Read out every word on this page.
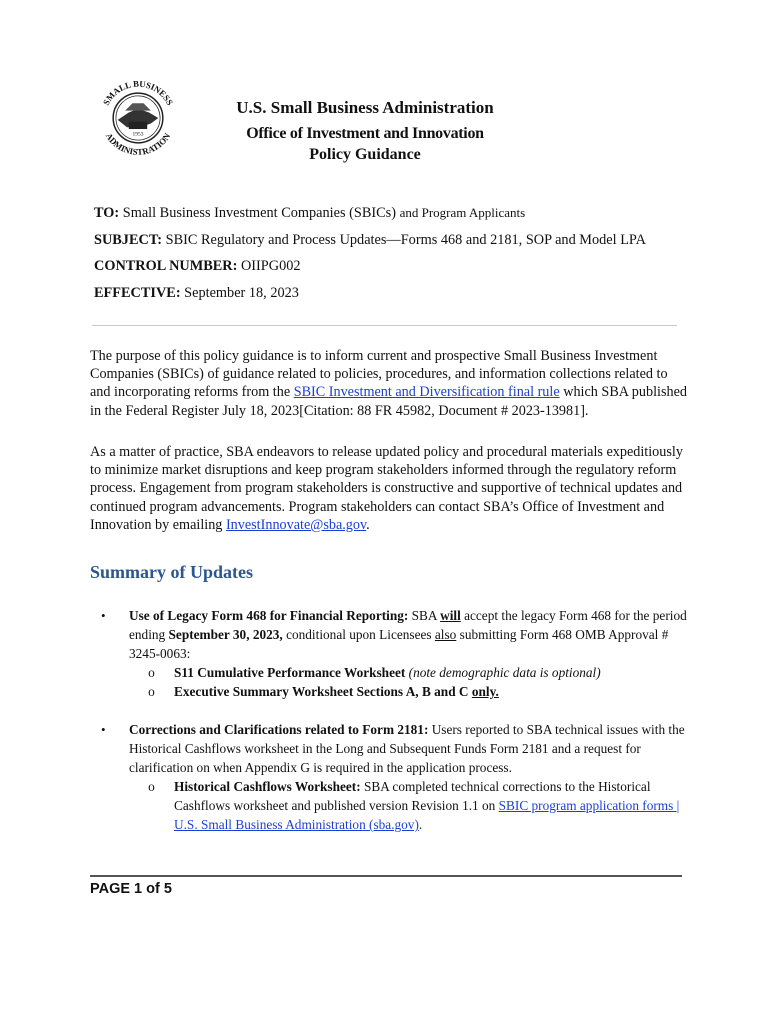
1953
SMALL BUSINESS
ADMINISTRATION
U.S. Small Business Administration
Office of Investment and Innovation
Policy Guidance
TO: Small Business Investment Companies (SBICs) and Program Applicants
SUBJECT: SBIC Regulatory and Process Updates—Forms 468 and 2181, SOP and Model LPA
CONTROL NUMBER: OIIPG002
EFFECTIVE: September 18, 2023

The purpose of this policy guidance is to inform current and prospective Small Business Investment Companies (SBICs) of guidance related to policies, procedures, and information collections related to and incorporating reforms from the SBIC Investment and Diversification final rule which SBA published in the Federal Register July 18, 2023[Citation: 88 FR 45982, Document # 2023-13981].

As a matter of practice, SBA endeavors to release updated policy and procedural materials expeditiously to minimize market disruptions and keep program stakeholders informed through the regulatory reform process. Engagement from program stakeholders is constructive and supportive of technical updates and continued program advancements. Program stakeholders can contact SBA’s Office of Investment and Innovation by emailing InvestInnovate@sba.gov.

Summary of Updates
•	Use of Legacy Form 468 for Financial Reporting: SBA will accept the legacy Form 468 for the period ending September 30, 2023, conditional upon Licensees also submitting Form 468 OMB Approval # 3245-0063:
o	S11 Cumulative Performance Worksheet (note demographic data is optional)
o	Executive Summary Worksheet Sections A, B and C only.
•	Corrections and Clarifications related to Form 2181: Users reported to SBA technical issues with the Historical Cashflows worksheet in the Long and Subsequent Funds Form 2181 and a request for clarification on when Appendix G is required in the application process.
o	Historical Cashflows Worksheet: SBA completed technical corrections to the Historical Cashflows worksheet and published version Revision 1.1 on SBIC program application forms | U.S. Small Business Administration (sba.gov).
PAGE 1 of 5
